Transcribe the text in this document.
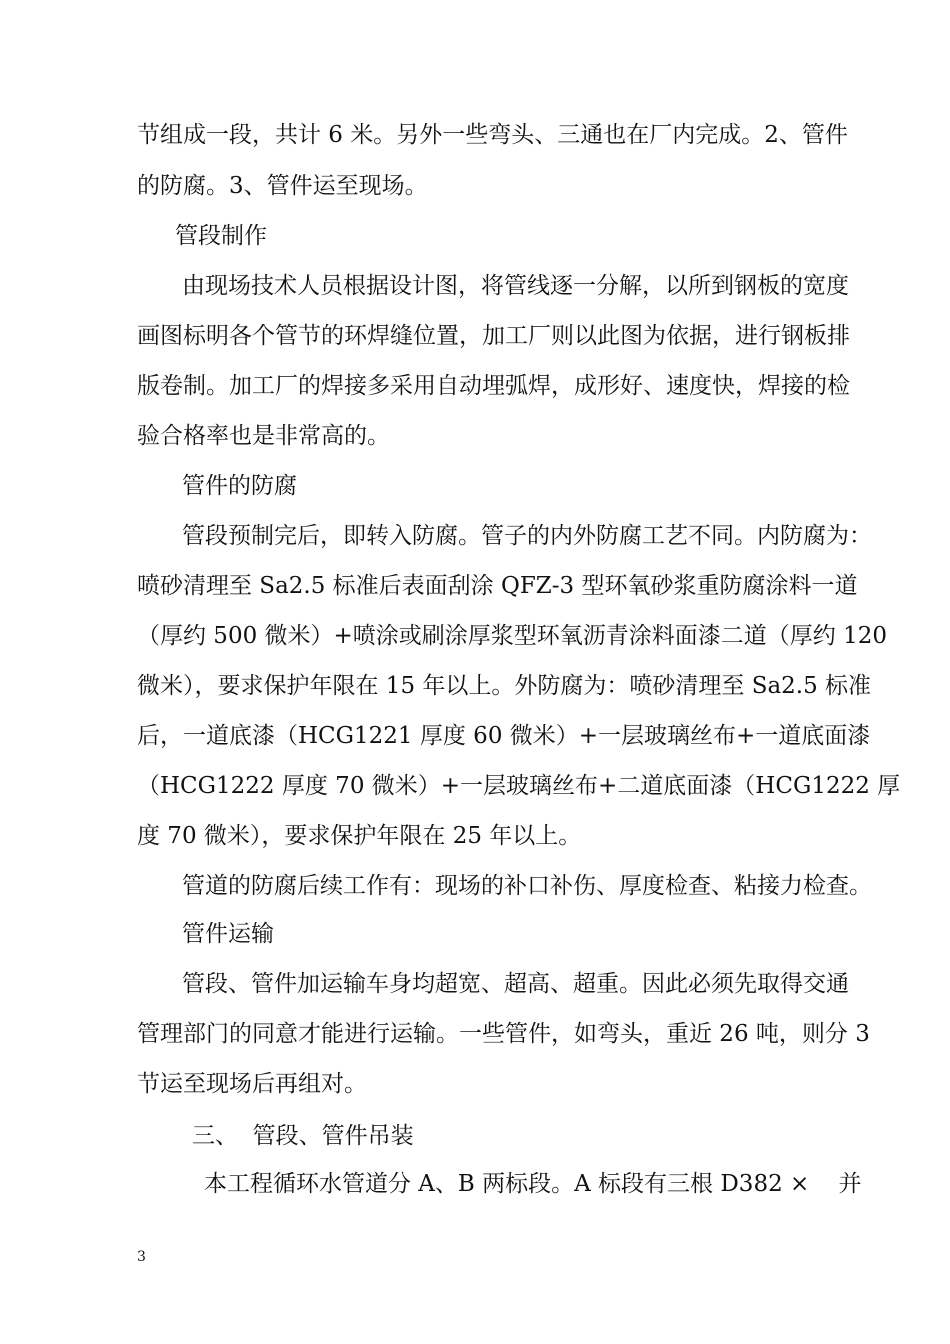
节组成一段，共计 6 米。另外一些弯头、三通也在厂内完成。2、管件
的防腐。3、管件运至现场。
管段制作
由现场技术人员根据设计图，将管线逐一分解，以所到钢板的宽度
画图标明各个管节的环焊缝位置，加工厂则以此图为依据，进行钢板排
版卷制。加工厂的焊接多采用自动埋弧焊，成形好、速度快，焊接的检
验合格率也是非常高的。
管件的防腐
管段预制完后，即转入防腐。管子的内外防腐工艺不同。内防腐为：
喷砂清理至 Sa2.5 标准后表面刮涂 QFZ-3 型环氧砂浆重防腐涂料一道
（厚约 500 微米）+喷涂或刷涂厚浆型环氧沥青涂料面漆二道（厚约 120
微米），要求保护年限在 15 年以上。外防腐为：喷砂清理至 Sa2.5 标准
后，一道底漆（HCG1221 厚度 60 微米）+一层玻璃丝布+一道底面漆
（HCG1222 厚度 70 微米）+一层玻璃丝布+二道底面漆（HCG1222 厚
度 70 微米），要求保护年限在 25 年以上。
管道的防腐后续工作有：现场的补口补伤、厚度检查、粘接力检查。
管件运输
管段、管件加运输车身均超宽、超高、超重。因此必须先取得交通
管理部门的同意才能进行运输。一些管件，如弯头，重近 26 吨，则分 3
节运至现场后再组对。
三、  管段、管件吊装
本工程循环水管道分 A、B 两标段。A 标段有三根 D382 ×    并
3
